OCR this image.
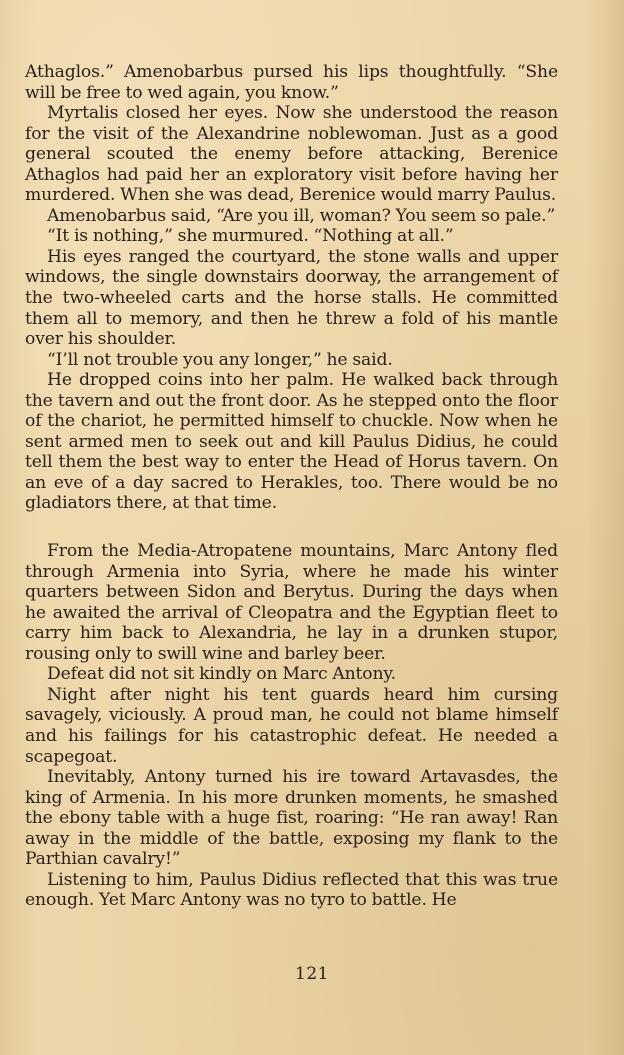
Athaglos.” Amenobarbus pursed his lips thoughtfully. “She will be free to wed again, you know.”

Myrtalis closed her eyes. Now she understood the reason for the visit of the Alexandrine noblewoman. Just as a good general scouted the enemy before attacking, Berenice Athaglos had paid her an exploratory visit before having her murdered. When she was dead, Berenice would marry Paulus.

Amenobarbus said, “Are you ill, woman? You seem so pale.”

“It is nothing,” she murmured. “Nothing at all.”

His eyes ranged the courtyard, the stone walls and upper windows, the single downstairs doorway, the arrangement of the two-wheeled carts and the horse stalls. He committed them all to memory, and then he threw a fold of his mantle over his shoulder.

“I’ll not trouble you any longer,” he said.

He dropped coins into her palm. He walked back through the tavern and out the front door. As he stepped onto the floor of the chariot, he permitted himself to chuckle. Now when he sent armed men to seek out and kill Paulus Didius, he could tell them the best way to enter the Head of Horus tavern. On an eve of a day sacred to Herakles, too. There would be no gladiators there, at that time.

From the Media-Atropatene mountains, Marc Antony fled through Armenia into Syria, where he made his winter quarters between Sidon and Berytus. During the days when he awaited the arrival of Cleopatra and the Egyptian fleet to carry him back to Alexandria, he lay in a drunken stupor, rousing only to swill wine and barley beer.

Defeat did not sit kindly on Marc Antony.

Night after night his tent guards heard him cursing savagely, viciously. A proud man, he could not blame himself and his failings for his catastrophic defeat. He needed a scapegoat.

Inevitably, Antony turned his ire toward Artavasdes, the king of Armenia. In his more drunken moments, he smashed the ebony table with a huge fist, roaring: “He ran away! Ran away in the middle of the battle, exposing my flank to the Parthian cavalry!”

Listening to him, Paulus Didius reflected that this was true enough. Yet Marc Antony was no tyro to battle. He

121
